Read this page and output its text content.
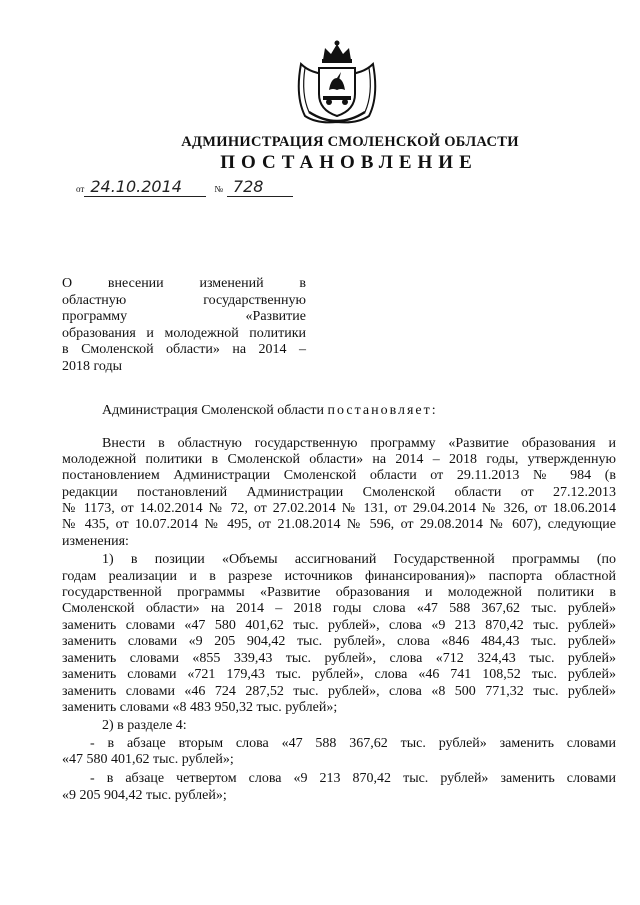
АДМИНИСТРАЦИЯ СМОЛЕНСКОЙ ОБЛАСТИ
ПОСТАНОВЛЕНИЕ
от 24.10.2014	№ 728
О внесении изменений в
областную государственную
программу «Развитие
образования и молодежной политики
в Смоленской области» на 2014 –
2018 годы
Администрация Смоленской области постановляет:
Внести в областную государственную программу «Развитие образования и
молодежной политики в Смоленской области» на 2014 – 2018 годы, утвержденную
постановлением Администрации Смоленской области от 29.11.2013 № 984 (в
редакции постановлений Администрации Смоленской области от 27.12.2013
№ 1173, от 14.02.2014 № 72, от 27.02.2014 № 131, от 29.04.2014 № 326, от 18.06.2014
№ 435, от 10.07.2014 № 495, от 21.08.2014 № 596, от 29.08.2014 № 607), следующие
изменения:
1) в позиции «Объемы ассигнований Государственной программы (по
годам реализации и в разрезе источников финансирования)» паспорта областной
государственной программы «Развитие образования и молодежной политики в
Смоленской области» на 2014 – 2018 годы слова «47 588 367,62 тыс. рублей»
заменить словами «47 580 401,62 тыс. рублей», слова «9 213 870,42 тыс. рублей»
заменить словами «9 205 904,42 тыс. рублей», слова «846 484,43 тыс. рублей»
заменить словами «855 339,43 тыс. рублей», слова «712 324,43 тыс. рублей»
заменить словами «721 179,43 тыс. рублей», слова «46 741 108,52 тыс. рублей»
заменить словами «46 724 287,52 тыс. рублей», слова «8 500 771,32 тыс. рублей»
заменить словами «8 483 950,32 тыс. рублей»;
2) в разделе 4:
- в абзаце вторым слова «47 588 367,62 тыс. рублей» заменить словами
«47 580 401,62 тыс. рублей»;
- в абзаце четвертом слова «9 213 870,42 тыс. рублей» заменить словами
«9 205 904,42 тыс. рублей»;
